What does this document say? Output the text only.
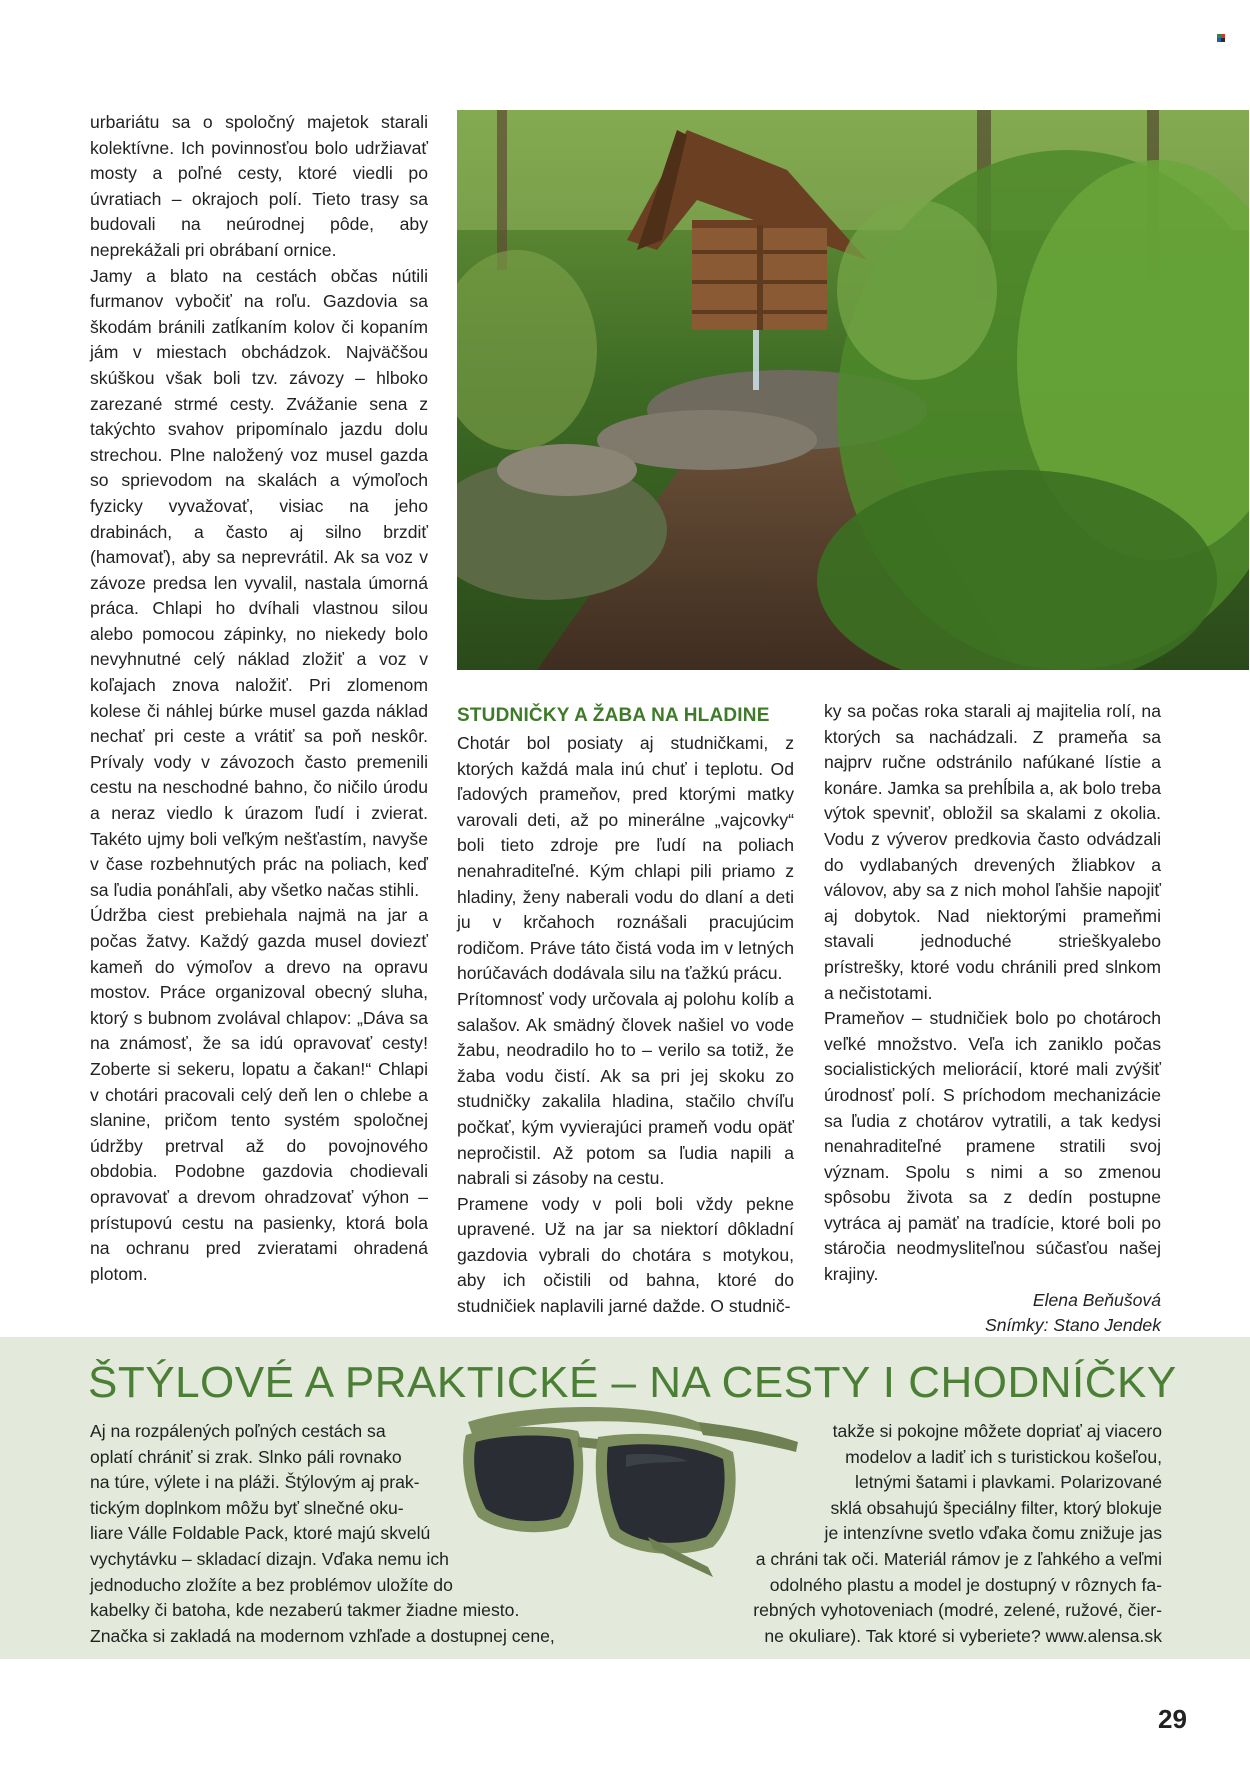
urbariátu sa o spoločný majetok starali kolektívne. Ich povinnosťou bolo udržiavať mosty a poľné cesty, ktoré viedli po úvratiach – okrajoch polí. Tieto trasy sa budovali na neúrodnej pôde, aby neprekážali pri obrábaní ornice.

Jamy a blato na cestách občas nútili furmanov vybočiť na roľu. Gazdovia sa škodám bránili zatĺkaním kolov či kopaním jám v miestach obchádzok. Najväčšou skúškou však boli tzv. závozy – hlboko zarezané strmé cesty. Zvážanie sena z takýchto svahov pripomínalo jazdu dolu strechou. Plne naložený voz musel gazda so sprievodom na skalách a výmoľoch fyzicky vyvažovať, visiac na jeho drabinách, a často aj silno brzdiť (hamovať), aby sa neprevrátil. Ak sa voz v závoze predsa len vyvalil, nastala úmorná práca. Chlapi ho dvíhali vlastnou silou alebo pomocou zápinky, no niekedy bolo nevyhnutné celý náklad zložiť a voz v koľajach znova naložiť. Pri zlomenom kolese či náhlej búrke musel gazda náklad nechať pri ceste a vrátiť sa poň neskôr. Prívaly vody v závozoch často premenili cestu na neschodné bahno, čo ničilo úrodu a neraz viedlo k úrazom ľudí i zvierat. Takéto ujmy boli veľkým nešťastím, navyše v čase rozbehnutých prác na poliach, keď sa ľudia ponáhľali, aby všetko načas stihli.

Údržba ciest prebiehala najmä na jar a počas žatvy. Každý gazda musel doviezť kameň do výmoľov a drevo na opravu mostov. Práce organizoval obecný sluha, ktorý s bubnom zvolával chlapov: „Dáva sa na známosť, že sa idú opravovať cesty! Zoberte si sekeru, lopatu a čakan!“ Chlapi v chotári pracovali celý deň len o chlebe a slanine, pričom tento systém spoločnej údržby pretrval až do povojnového obdobia. Podobne gazdovia chodievali opravovať a drevom ohradzovať výhon – prístupovú cestu na pasienky, ktorá bola na ochranu pred zvieratami ohradená plotom.

STUDNIČKY A ŽABA NA HLADINE

Chotár bol posiaty aj studničkami, z ktorých každá mala inú chuť i teplotu. Od ľadových prameňov, pred ktorými matky varovali deti, až po minerálne „vajcovky“ boli tieto zdroje pre ľudí na poliach nenahraditeľné. Kým chlapi pili priamo z hladiny, ženy naberali vodu do dlaní a deti ju v krčahoch roznášali pracujúcim rodičom. Práve táto čistá voda im v letných horúčavách dodávala silu na ťažkú prácu.

Prítomnosť vody určovala aj polohu kolíb a salašov. Ak smädný človek našiel vo vode žabu, neodradilo ho to – verilo sa totiž, že žaba vodu čistí. Ak sa pri jej skoku zo studničky zakalila hladina, stačilo chvíľu počkať, kým vyvierajúci prameň vodu opäť nepročistil. Až potom sa ľudia napili a nabrali si zásoby na cestu.

Pramene vody v poli boli vždy pekne upravené. Už na jar sa niektorí dôkladní gazdovia vybrali do chotára s motykou, aby ich očistili od bahna, ktoré do studničiek naplavili jarné dažde. O studnič-

ky sa počas roka starali aj majitelia rolí, na ktorých sa nachádzali. Z prameňa sa najprv ručne odstránilo nafúkané lístie a konáre. Jamka sa prehĺbila a, ak bolo treba výtok spevniť, obložil sa skalami z okolia. Vodu z výverov predkovia často odvádzali do vydlabaných drevených žliabkov a válovov, aby sa z nich mohol ľahšie napojiť aj dobytok. Nad niektorými prameňmi stavali jednoduché strieškyalebo prístrešky, ktoré vodu chránili pred slnkom a nečistotami.

Prameňov – studničiek bolo po chotároch veľké množstvo. Veľa ich zaniklo počas socialistických meliorácií, ktoré mali zvýšiť úrodnosť polí. S príchodom mechanizácie sa ľudia z chotárov vytratili, a tak kedysi nenahraditeľné pramene stratili svoj význam. Spolu s nimi a so zmenou spôsobu života sa z dedín postupne vytráca aj pamäť na tradície, ktoré boli po stáročia neodmysliteľnou súčasťou našej krajiny.

Elena Beňušová

Snímky: Stano Jendek

ŠTÝLOVÉ A PRAKTICKÉ – NA CESTY I CHODNÍČKY

Aj na rozpálených poľných cestách sa

oplatí chrániť si zrak. Slnko páli rovnako

na túre, výlete i na pláži. Štýlovým aj prak-

tickým doplnkom môžu byť slnečné oku-

liare Válle Foldable Pack, ktoré majú skvelú

vychytávku – skladací dizajn. Vďaka nemu ich

jednoducho zložíte a bez problémov uložíte do

kabelky či batoha, kde nezaberú takmer žiadne miesto.

Značka si zakladá na modernom vzhľade a dostupnej cene,

takže si pokojne môžete dopriať aj viacero

modelov a ladiť ich s turistickou košeľou,

letnými šatami i plavkami. Polarizované

sklá obsahujú špeciálny filter, ktorý blokuje

je intenzívne svetlo vďaka čomu znižuje jas

a chráni tak oči. Materiál rámov je z ľahkého a veľmi

odolného plastu a model je dostupný v rôznych fa-

rebných vyhotoveniach (modré, zelené, ružové, čier-

ne okuliare). Tak ktoré si vyberiete? www.alensa.sk

29
